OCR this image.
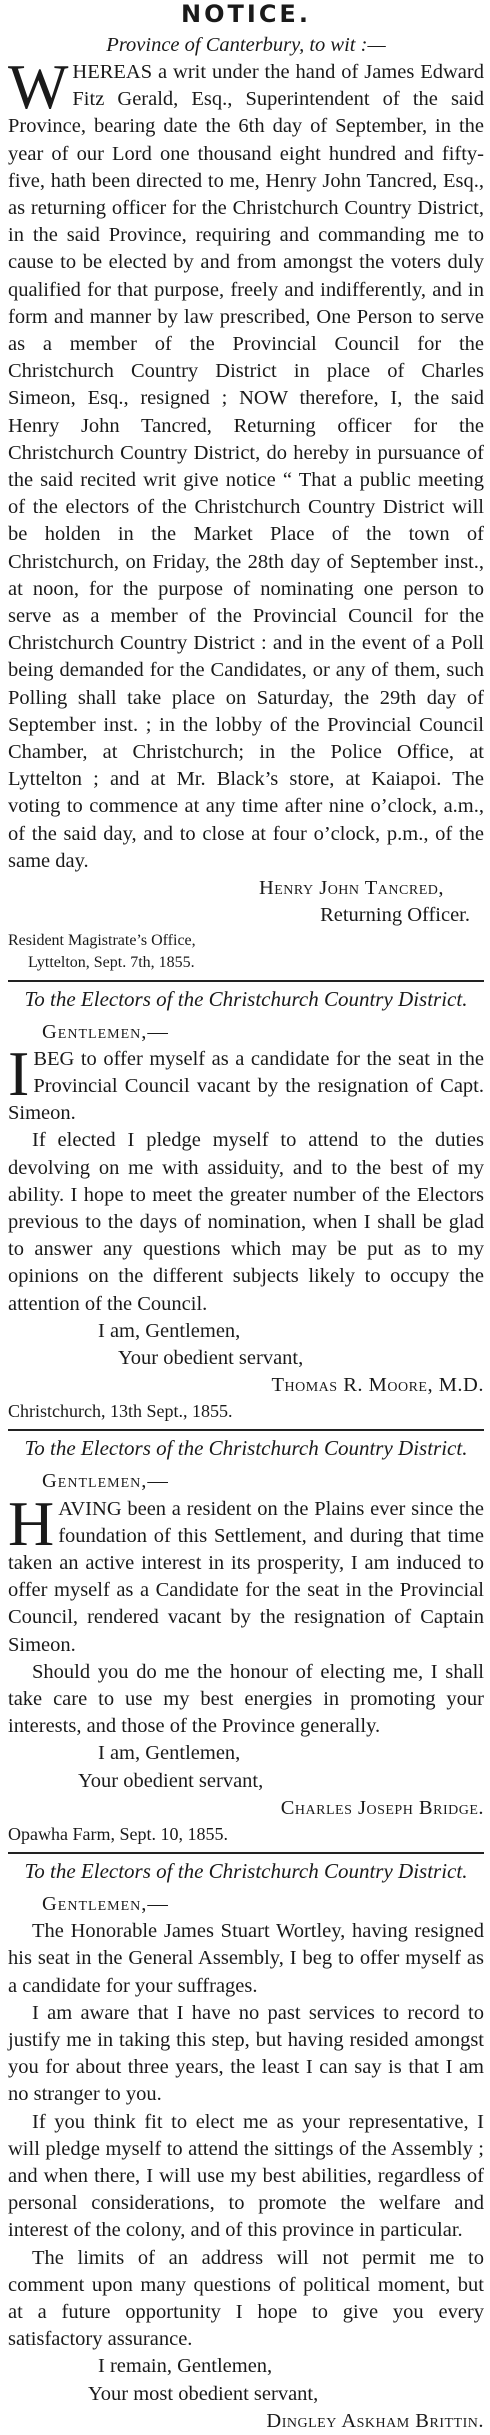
NOTICE.
Province of Canterbury, to wit :—

WHEREAS a writ under the hand of James Edward Fitz Gerald, Esq., Superintendent of the said Province, bearing date the 6th day of September, in the year of our Lord one thousand eight hundred and fifty-five, hath been directed to me, Henry John Tancred, Esq., as returning officer for the Christchurch Country District, in the said Province, requiring and commanding me to cause to be elected by and from amongst the voters duly qualified for that purpose, freely and indifferently, and in form and manner by law prescribed, One Person to serve as a member of the Provincial Council for the Christchurch Country District in place of Charles Simeon, Esq., resigned ; NOW therefore, I, the said Henry John Tancred, Returning officer for the Christchurch Country District, do hereby in pursuance of the said recited writ give notice “ That a public meeting of the electors of the Christchurch Country District will be holden in the Market Place of the town of Christchurch, on Friday, the 28th day of September inst., at noon, for the purpose of nominating one person to serve as a member of the Provincial Council for the Christchurch Country District : and in the event of a Poll being demanded for the Candidates, or any of them, such Polling shall take place on Saturday, the 29th day of September inst. ; in the lobby of the Provincial Council Chamber, at Christchurch; in the Police Office, at Lyttelton ; and at Mr. Black’s store, at Kaiapoi. The voting to commence at any time after nine o’clock, a.m., of the said day, and to close at four o’clock, p.m., of the same day.

Henry John Tancred,
Returning Officer.
Resident Magistrate’s Office,
Lyttelton, Sept. 7th, 1855.
To the Electors of the Christchurch Country District.
Gentlemen,—

IBEG to offer myself as a candidate for the seat in the Provincial Council vacant by the resignation of Capt. Simeon.

If elected I pledge myself to attend to the duties devolving on me with assiduity, and to the best of my ability. I hope to meet the greater number of the Electors previous to the days of nomination, when I shall be glad to answer any questions which may be put as to my opinions on the different subjects likely to occupy the attention of the Council.

I am, Gentlemen,
Your obedient servant,
Thomas R. Moore, M.D.
Christchurch, 13th Sept., 1855.
To the Electors of the Christchurch Country District.
Gentlemen,—

HAVING been a resident on the Plains ever since the foundation of this Settlement, and during that time taken an active interest in its prosperity, I am induced to offer myself as a Candidate for the seat in the Provincial Council, rendered vacant by the resignation of Captain Simeon.

Should you do me the honour of electing me, I shall take care to use my best energies in promoting your interests, and those of the Province generally.

I am, Gentlemen,
Your obedient servant,
Charles Joseph Bridge.
Opawha Farm, Sept. 10, 1855.
To the Electors of the Christchurch Country District.
Gentlemen,—

The Honorable James Stuart Wortley, having resigned his seat in the General Assembly, I beg to offer myself as a candidate for your suffrages.

I am aware that I have no past services to record to justify me in taking this step, but having resided amongst you for about three years, the least I can say is that I am no stranger to you.

If you think fit to elect me as your representative, I will pledge myself to attend the sittings of the Assembly ; and when there, I will use my best abilities, regardless of personal considerations, to promote the welfare and interest of the colony, and of this province in particular.

The limits of an address will not permit me to comment upon many questions of political moment, but at a future opportunity I hope to give you every satisfactory assurance.

I remain, Gentlemen,
Your most obedient servant,
Dingley Askham Brittin.
